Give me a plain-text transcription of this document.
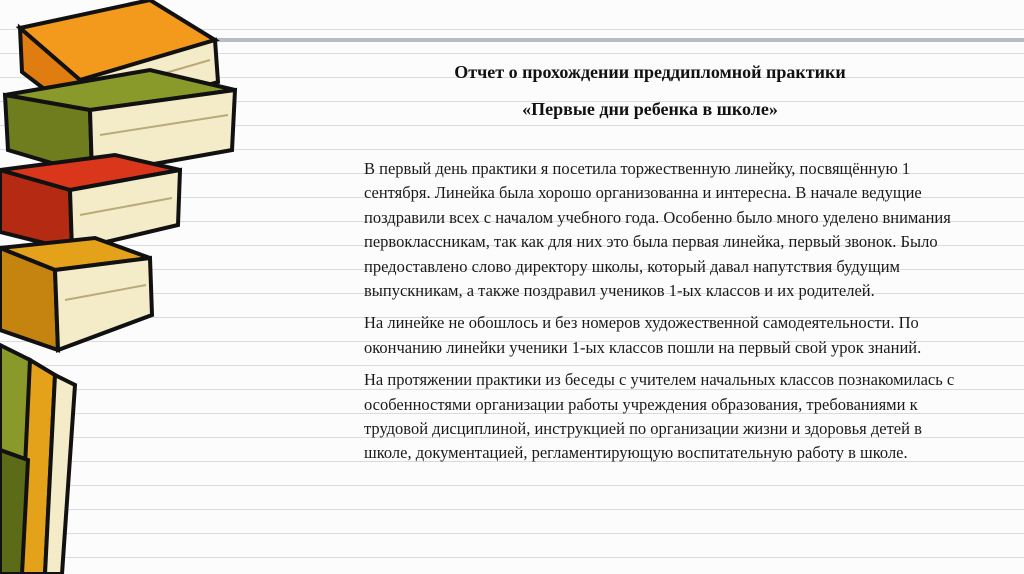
Отчет о прохождении преддипломной практики
«Первые дни ребенка в школе»

В первый день практики я посетила торжественную линейку, посвящённую 1 сентября. Линейка была хорошо организованна и интересна. В начале ведущие поздравили всех с началом учебного года. Особенно было много уделено внимания первоклассникам, так как для них это была первая линейка, первый звонок. Было предоставлено слово директору школы, который давал напутствия будущим выпускникам, а также поздравил учеников 1-ых классов и их родителей.

На линейке не обошлось и без номеров художественной самодеятельности. По окончанию линейки ученики 1-ых классов пошли на первый свой урок знаний.

На протяжении практики из беседы с учителем начальных классов познакомилась с особенностями организации работы учреждения образования, требованиями к трудовой дисциплиной, инструкцией по организации жизни и здоровья детей в школе, документацией, регламентирующую воспитательную работу в школе.
